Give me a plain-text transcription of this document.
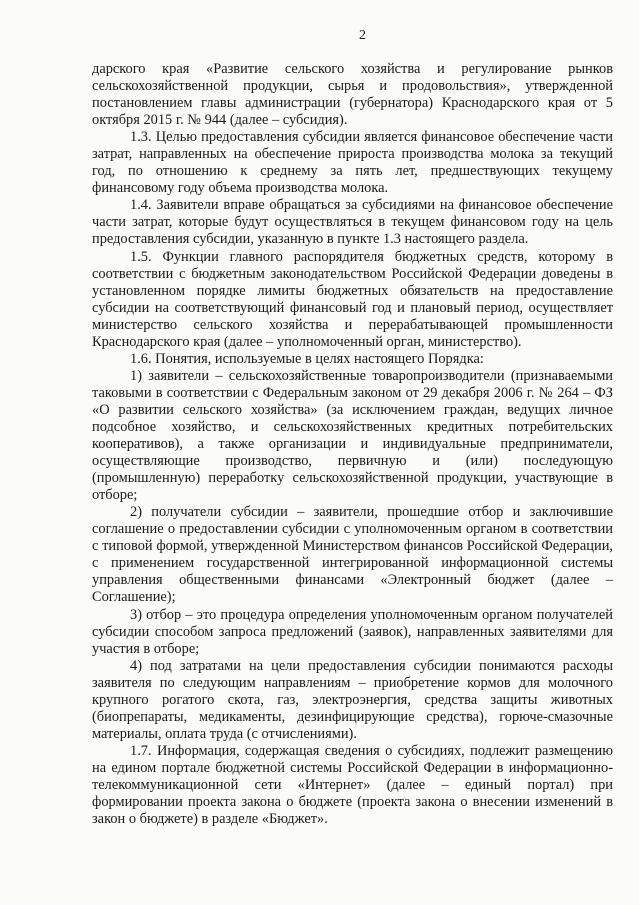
2

дарского края «Развитие сельского хозяйства и регулирование рынков сельскохозяйственной продукции, сырья и продовольствия», утвержденной постановлением главы администрации (губернатора) Краснодарского края от 5 октября 2015 г. № 944 (далее – субсидия).

1.3. Целью предоставления субсидии является финансовое обеспечение части затрат, направленных на обеспечение прироста производства молока за текущий год, по отношению к среднему за пять лет, предшествующих текущему финансовому году объема производства молока.

1.4. Заявители вправе обращаться за субсидиями на финансовое обеспечение части затрат, которые будут осуществляться в текущем финансовом году на цель предоставления субсидии, указанную в пункте 1.3 настоящего раздела.

1.5. Функции главного распорядителя бюджетных средств, которому в соответствии с бюджетным законодательством Российской Федерации доведены в установленном порядке лимиты бюджетных обязательств на предоставление субсидии на соответствующий финансовый год и плановый период, осуществляет министерство сельского хозяйства и перерабатывающей промышленности Краснодарского края (далее – уполномоченный орган, министерство).

1.6. Понятия, используемые в целях настоящего Порядка:

1) заявители – сельскохозяйственные товаропроизводители (признаваемыми таковыми в соответствии с Федеральным законом от 29 декабря 2006 г. № 264 – ФЗ «О развитии сельского хозяйства» (за исключением граждан, ведущих личное подсобное хозяйство, и сельскохозяйственных кредитных потребительских кооперативов), а также организации и индивидуальные предприниматели, осуществляющие производство, первичную и (или) последующую (промышленную) переработку сельскохозяйственной продукции, участвующие в отборе;

2) получатели субсидии – заявители, прошедшие отбор и заключившие соглашение о предоставлении субсидии с уполномоченным органом в соответствии с типовой формой, утвержденной Министерством финансов Российской Федерации, с применением государственной интегрированной информационной системы управления общественными финансами «Электронный бюджет (далее – Соглашение);

3) отбор – это процедура определения уполномоченным органом получателей субсидии способом запроса предложений (заявок), направленных заявителями для участия в отборе;

4) под затратами на цели предоставления субсидии понимаются расходы заявителя по следующим направлениям – приобретение кормов для молочного крупного рогатого скота, газ, электроэнергия, средства защиты животных (биопрепараты, медикаменты, дезинфицирующие средства), горюче-смазочные материалы, оплата труда (с отчислениями).

1.7. Информация, содержащая сведения о субсидиях, подлежит размещению на едином портале бюджетной системы Российской Федерации в информационно-телекоммуникационной сети «Интернет» (далее – единый портал) при формировании проекта закона о бюджете (проекта закона о внесении изменений в закон о бюджете) в разделе «Бюджет».
